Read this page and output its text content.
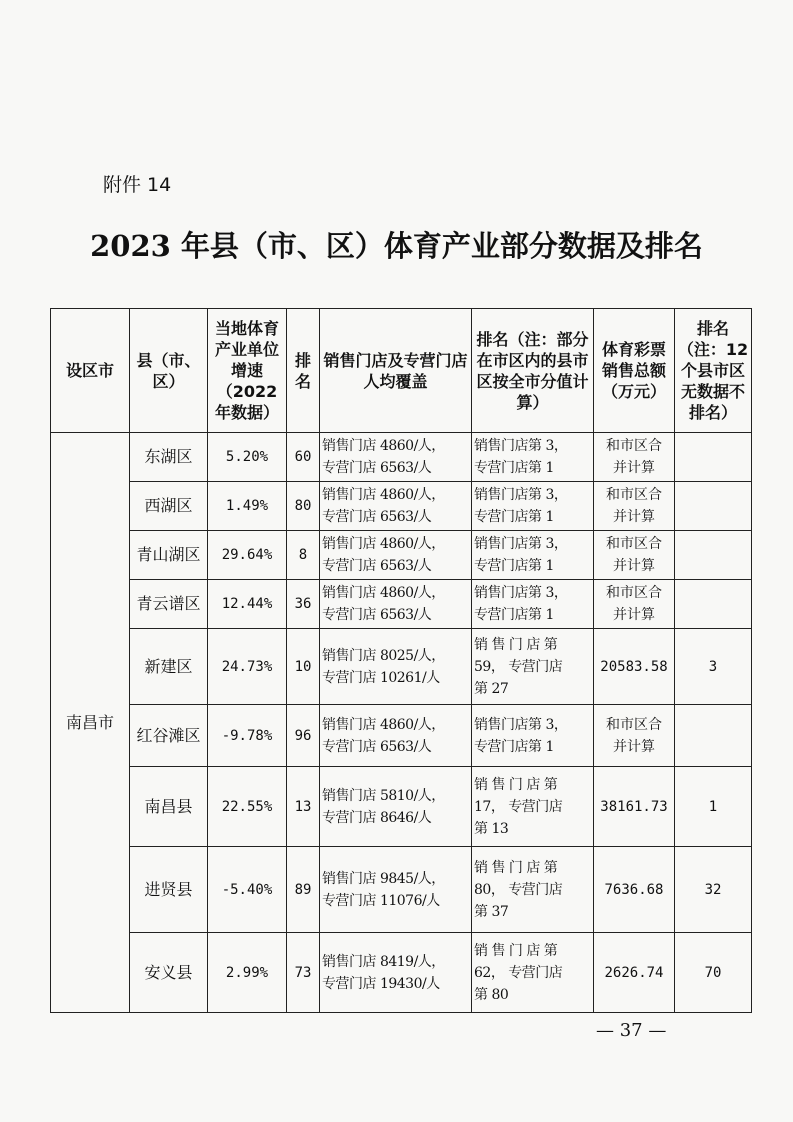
附件 14
2023 年县（市、区）体育产业部分数据及排名
设区市	县（市、区）	当地体育产业单位增速（2022年数据）	排名	销售门店及专营门店人均覆盖	排名（注：部分在市区内的县市区按全市分值计算）	体育彩票销售总额（万元）	排名（注：12个县市区无数据不排名）
南昌市	东湖区	5.20%	60	销售门店 4860/人，
专营门店 6563/人	销售门店第 3，
专营门店第 1	和市区合
并计算	

	西湖区	1.49%	80	销售门店 4860/人，
专营门店 6563/人	销售门店第 3，
专营门店第 1	和市区合
并计算	

	青山湖区	29.64%	8	销售门店 4860/人，
专营门店 6563/人	销售门店第 3，
专营门店第 1	和市区合
并计算	

	青云谱区	12.44%	36	销售门店 4860/人，
专营门店 6563/人	销售门店第 3，
专营门店第 1	和市区合
并计算	

	新建区	24.73%	10	销售门店 8025/人，
专营门店 10261/人	销 售 门 店 第
59， 专营门店
第 27	20583.58	3

	红谷滩区	-9.78%	96	销售门店 4860/人，
专营门店 6563/人	销售门店第 3，
专营门店第 1	和市区合
并计算	

	南昌县	22.55%	13	销售门店 5810/人，
专营门店 8646/人	销 售 门 店 第
17， 专营门店
第 13	38161.73	1

	进贤县	-5.40%	89	销售门店 9845/人，
专营门店 11076/人	销 售 门 店 第
80， 专营门店
第 37	7636.68	32

	安义县	2.99%	73	销售门店 8419/人，
专营门店 19430/人	销 售 门 店 第
62， 专营门店
第 80	2626.74	70
— 37 —
